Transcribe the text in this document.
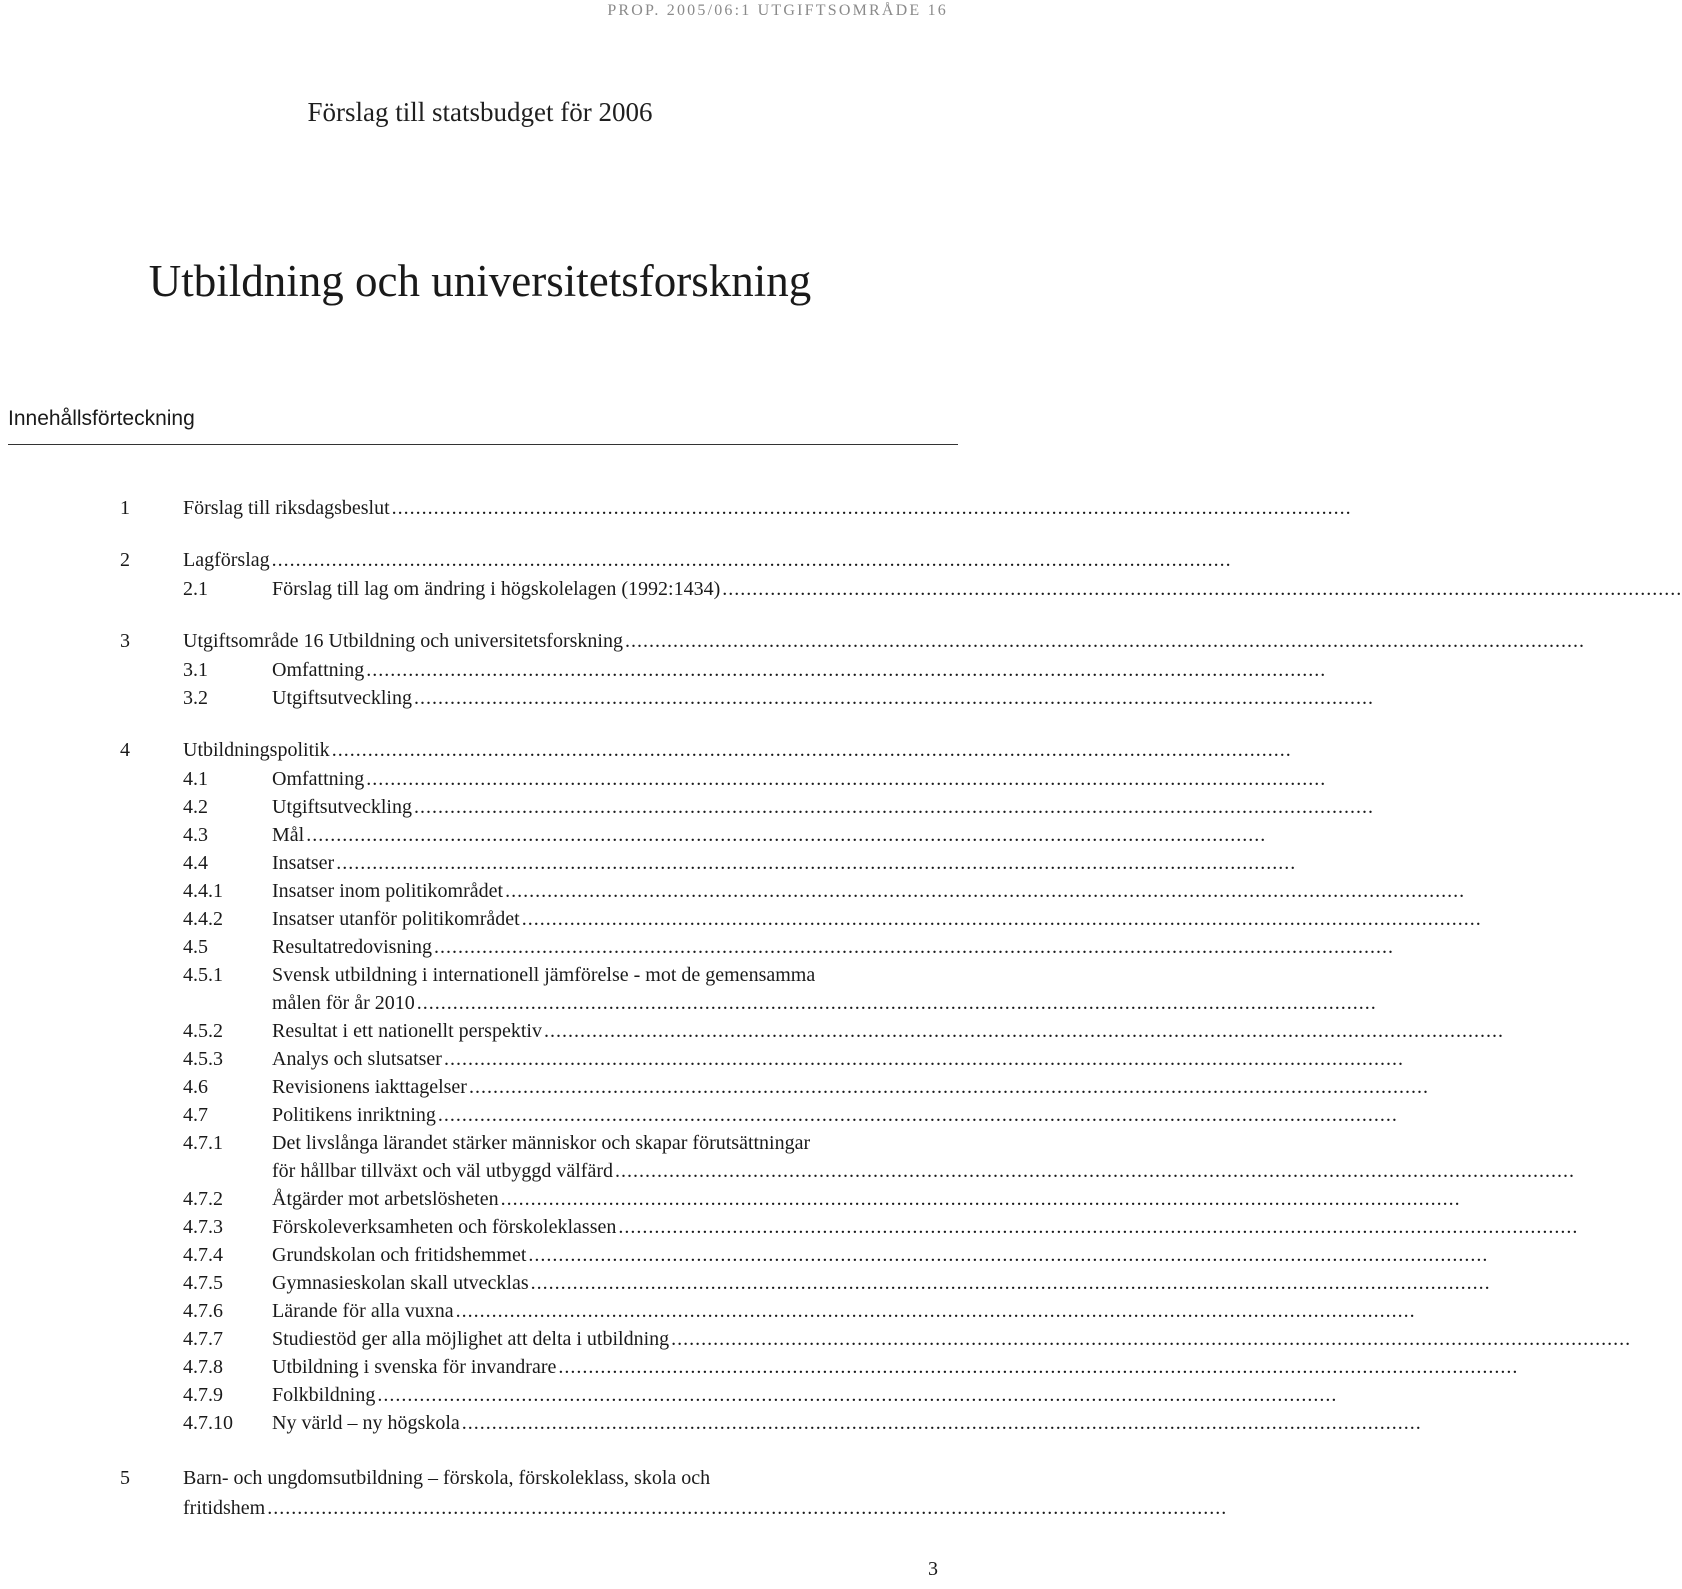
PROP. 2005/06:1 UTGIFTSOMRÅDE 16
Förslag till statsbudget för 2006
Utbildning och universitetsforskning
Innehållsförteckning
1	Förslag till riksdagsbeslut ................................................................................................................................................................
2	Lagförslag ................................................................................................................................................................
2.1	Förslag till lag om ändring i högskolelagen (1992:1434) ................................................................................................................................................................
3	Utgiftsområde 16 Utbildning och universitetsforskning ................................................................................................................................................................
3.1	Omfattning ................................................................................................................................................................
3.2	Utgiftsutveckling ................................................................................................................................................................
4	Utbildningspolitik ................................................................................................................................................................
4.1	Omfattning ................................................................................................................................................................
4.2	Utgiftsutveckling ................................................................................................................................................................
4.3	Mål ................................................................................................................................................................
4.4	Insatser ................................................................................................................................................................
4.4.1 Insatser inom politikområdet ................................................................................................................................................................
4.4.2 Insatser utanför politikområdet ................................................................................................................................................................
4.5	Resultatredovisning ................................................................................................................................................................
4.5.1 Svensk utbildning i internationell jämförelse - mot de gemensamma
målen för år 2010 ................................................................................................................................................................
4.5.2 Resultat i ett nationellt perspektiv ................................................................................................................................................................
4.5.3 Analys och slutsatser ................................................................................................................................................................
4.6	Revisionens iakttagelser ................................................................................................................................................................
4.7	Politikens inriktning ................................................................................................................................................................
4.7.1 Det livslånga lärandet stärker människor och skapar förutsättningar
för hållbar tillväxt och väl utbyggd välfärd ................................................................................................................................................................
4.7.2 Åtgärder mot arbetslösheten ................................................................................................................................................................
4.7.3 Förskoleverksamheten och förskoleklassen ................................................................................................................................................................
4.7.4 Grundskolan och fritidshemmet ................................................................................................................................................................
4.7.5 Gymnasieskolan skall utvecklas ................................................................................................................................................................
4.7.6 Lärande för alla vuxna ................................................................................................................................................................
4.7.7 Studiestöd ger alla möjlighet att delta i utbildning ................................................................................................................................................................
4.7.8 Utbildning i svenska för invandrare ................................................................................................................................................................
4.7.9 Folkbildning ................................................................................................................................................................
4.7.10 Ny värld – ny högskola ................................................................................................................................................................
5	Barn- och ungdomsutbildning – förskola, förskoleklass, skola och
fritidshem ................................................................................................................................................................
3
